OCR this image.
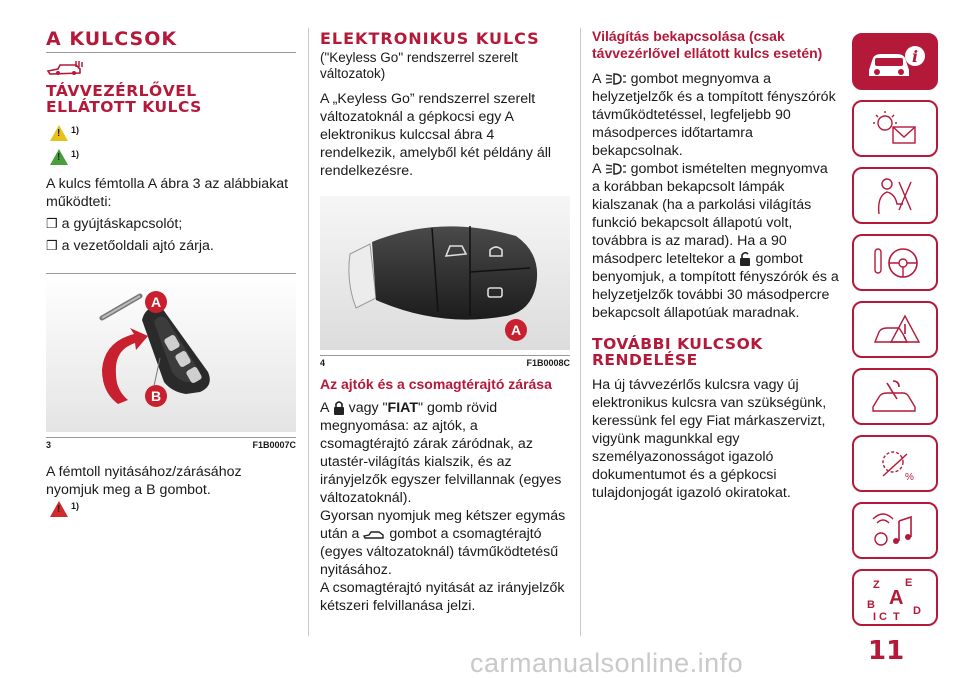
A KULCSOK
TÁVVEZÉRLŐVEL
ELLÁTOTT KULCS
!
1)
!
1)

A kulcs fémtolla A ábra 3 az alábbiakat
működteti:

❒ a gyújtáskapcsolót;
❒ a vezetőoldali ajtó zárja.
A
B
3	F1B0007C

A fémtoll nyitásához/zárásához
nyomjuk meg a B gombot.

!
1)
ELEKTRONIKUS KULCS

("Keyless Go" rendszerrel szerelt
változatok)

A „Keyless Go” rendszerrel szerelt
változatoknál a gépkocsi egy A
elektronikus kulccsal ábra 4
rendelkezik, amelyből két példány áll
rendelkezésre.

A
4	F1B0008C
Az ajtók és a csomagtérajtó zárása

A vagy "FIAT" gomb rövid
megnyomása: az ajtók, a
csomagtérajtó zárak záródnak, az
utastér-világítás kialszik, és az
irányjelzők egyszer felvillannak (egyes
változatoknál).
Gyorsan nyomjuk meg kétszer egymás
után a gombot a csomagtérajtó
(egyes változatoknál) távműködtetésű
nyitásához.
A csomagtérajtó nyitását az irányjelzők
kétszeri felvillanása jelzi.

Világítás bekapcsolása (csak
távvezérlővel ellátott kulcs esetén)

A gombot megnyomva a
helyzetjelzők és a tompított fényszórók
távműködtetéssel, legfeljebb 90
másodperces időtartamra
bekapcsolnak.

A gombot ismételten megnyomva
a korábban bekapcsolt lámpák
kialszanak (ha a parkolási világítás
funkció bekapcsolt állapotú volt,
továbbra is az marad). Ha a 90
másodperc leteltekor a gombot
benyomjuk, a tompított fényszórók és a
helyzetjelzők további 30 másodpercre
bekapcsolt állapotúak maradnak.

TOVÁBBI KULCSOK
RENDELÉSE

Ha új távvezérlős kulcsra vagy új
elektronikus kulcsra van szükségünk,
keressünk fel egy Fiat márkaszervizt,
vigyünk magunkkal egy
személyazonosságot igazoló
dokumentumot és a gépkocsi
tulajdonjogát igazoló okiratokat.

i
%
Z E
A
B
C D
I T
carmanualsonline.info	11
